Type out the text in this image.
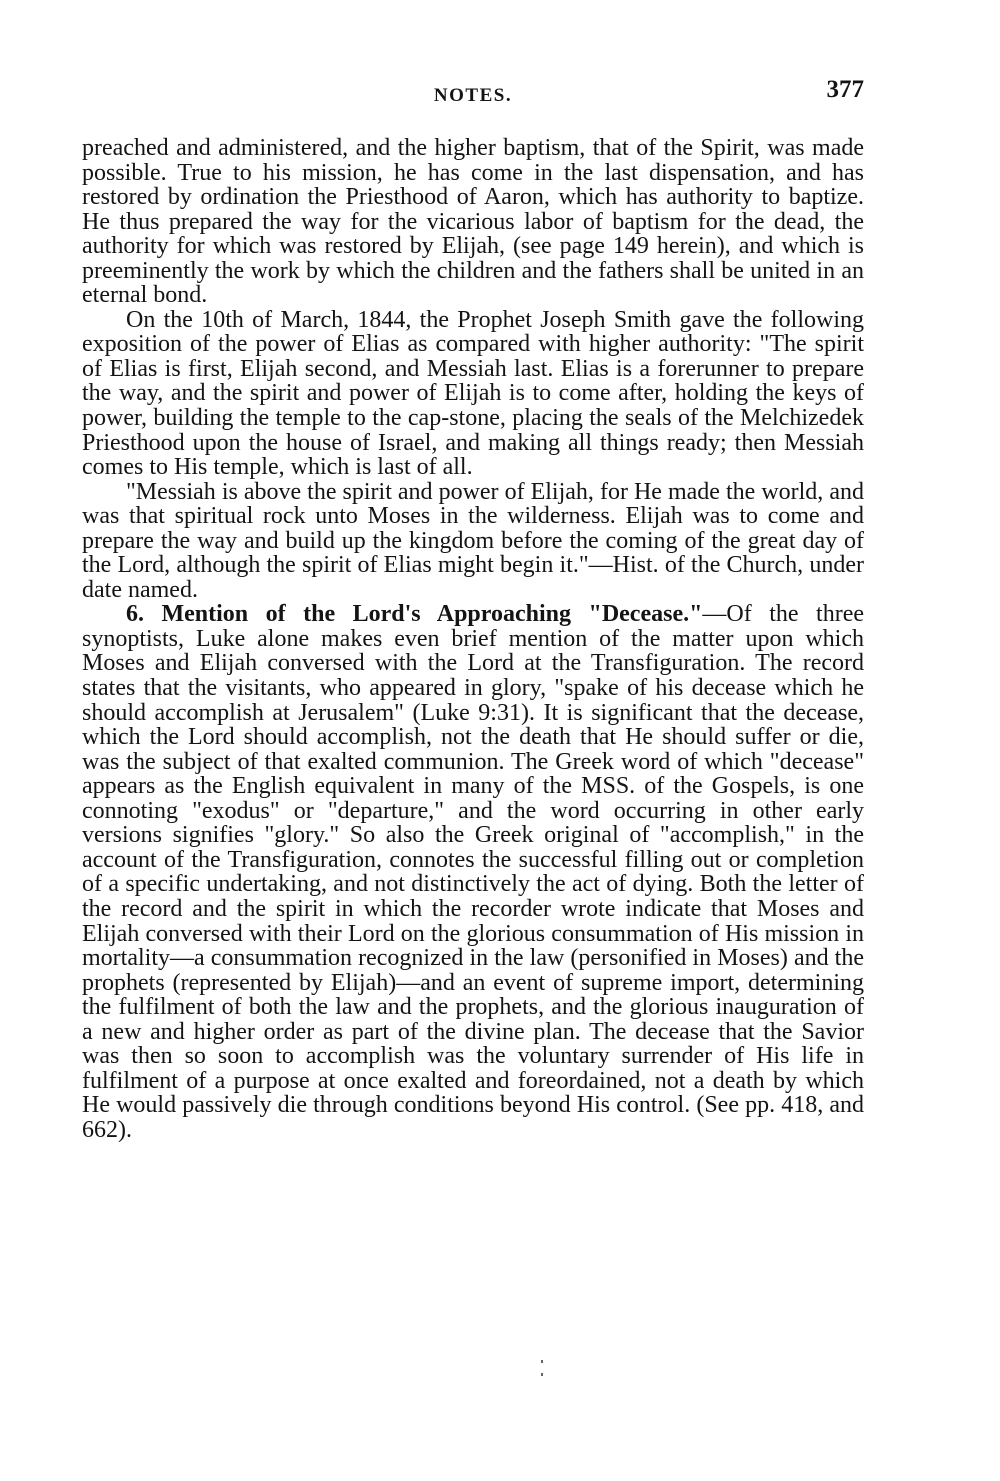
NOTES.	377

preached and administered, and the higher baptism, that of the Spirit, was made possible. True to his mission, he has come in the last dispensation, and has restored by ordination the Priesthood of Aaron, which has authority to baptize. He thus prepared the way for the vicarious labor of baptism for the dead, the authority for which was restored by Elijah, (see page 149 herein), and which is preeminently the work by which the children and the fathers shall be united in an eternal bond.

On the 10th of March, 1844, the Prophet Joseph Smith gave the following exposition of the power of Elias as compared with higher authority: "The spirit of Elias is first, Elijah second, and Messiah last. Elias is a forerunner to prepare the way, and the spirit and power of Elijah is to come after, holding the keys of power, building the temple to the cap-stone, placing the seals of the Melchizedek Priesthood upon the house of Israel, and making all things ready; then Messiah comes to His temple, which is last of all.

"Messiah is above the spirit and power of Elijah, for He made the world, and was that spiritual rock unto Moses in the wilderness. Elijah was to come and prepare the way and build up the kingdom before the coming of the great day of the Lord, although the spirit of Elias might begin it."—Hist. of the Church, under date named.

6. Mention of the Lord's Approaching "Decease."—Of the three synoptists, Luke alone makes even brief mention of the matter upon which Moses and Elijah conversed with the Lord at the Transfiguration. The record states that the visitants, who appeared in glory, "spake of his decease which he should accomplish at Jerusalem" (Luke 9:31). It is significant that the decease, which the Lord should accomplish, not the death that He should suffer or die, was the subject of that exalted communion. The Greek word of which "decease" appears as the English equivalent in many of the MSS. of the Gospels, is one connoting "exodus" or "departure," and the word occurring in other early versions signifies "glory." So also the Greek original of "accomplish," in the account of the Transfiguration, connotes the successful filling out or completion of a specific undertaking, and not distinctively the act of dying. Both the letter of the record and the spirit in which the recorder wrote indicate that Moses and Elijah conversed with their Lord on the glorious consummation of His mission in mortality—a consummation recognized in the law (personified in Moses) and the prophets (represented by Elijah)—and an event of supreme import, determining the fulfilment of both the law and the prophets, and the glorious inauguration of a new and higher order as part of the divine plan. The decease that the Savior was then so soon to accomplish was the voluntary surrender of His life in fulfilment of a purpose at once exalted and foreordained, not a death by which He would passively die through conditions beyond His control. (See pp. 418, and 662).
